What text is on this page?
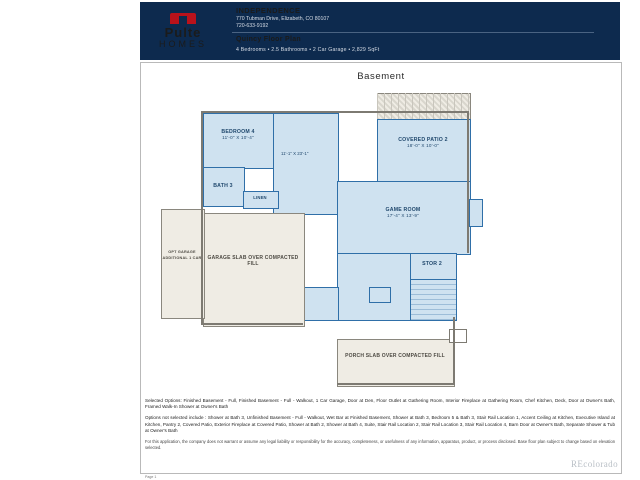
Pulte
HOMES
INDEPENDENCE
770 Tubman Drive, Elizabeth, CO 80107
720-633-9192
Quincy Floor Plan
4 Bedrooms • 2.5 Bathrooms • 2 Car Garage • 2,829 SqFt
Basement
COVERED PATIO 2
18'-0" X 10'-0"
BEDROOM 4
11'-0" X 10'-4"
11'-1" X 23'-1"
BATH 3
LINEN
GAME ROOM
17'-4" X 13'-9"
STOR 2
GARAGE SLAB OVER COMPACTED FILL
OPT GARAGE ADDITIONAL 1 CAR
PORCH SLAB OVER COMPACTED FILL
Selected Options: Finished Basement - Full, Finished Basement - Full - Walkout, 1 Car Garage, Door at Den, Floor Outlet at Gathering Room, Interior Fireplace at Gathering Room, Chef Kitchen, Deck, Door at Owner's Bath, Framed Walk-In Shower at Owner's Bath
Options not selected include : Shower at Bath 3, Unfinished Basement - Full - Walkout, Wet Bar at Finished Basement, Shower at Bath 3, Bedroom 5 & Bath 3, Stair Rail Location 1, Accent Ceiling at Kitchen, Executive Island at Kitchen, Pantry 2, Covered Patio, Exterior Fireplace at Covered Patio, Shower at Bath 2, Shower at Bath 4, Suite, Stair Rail Location 2, Stair Rail Location 3, Stair Rail Location 4, Barn Door at Owner's Bath, Separate Shower & Tub at Owner's Bath
For this application, the company does not warrant or assume any legal liability or responsibility for the accuracy, completeness, or usefulness of any information, apparatus, product, or process disclosed. Base floor plan subject to change based on elevation selected.
Page 1
REcolorado
